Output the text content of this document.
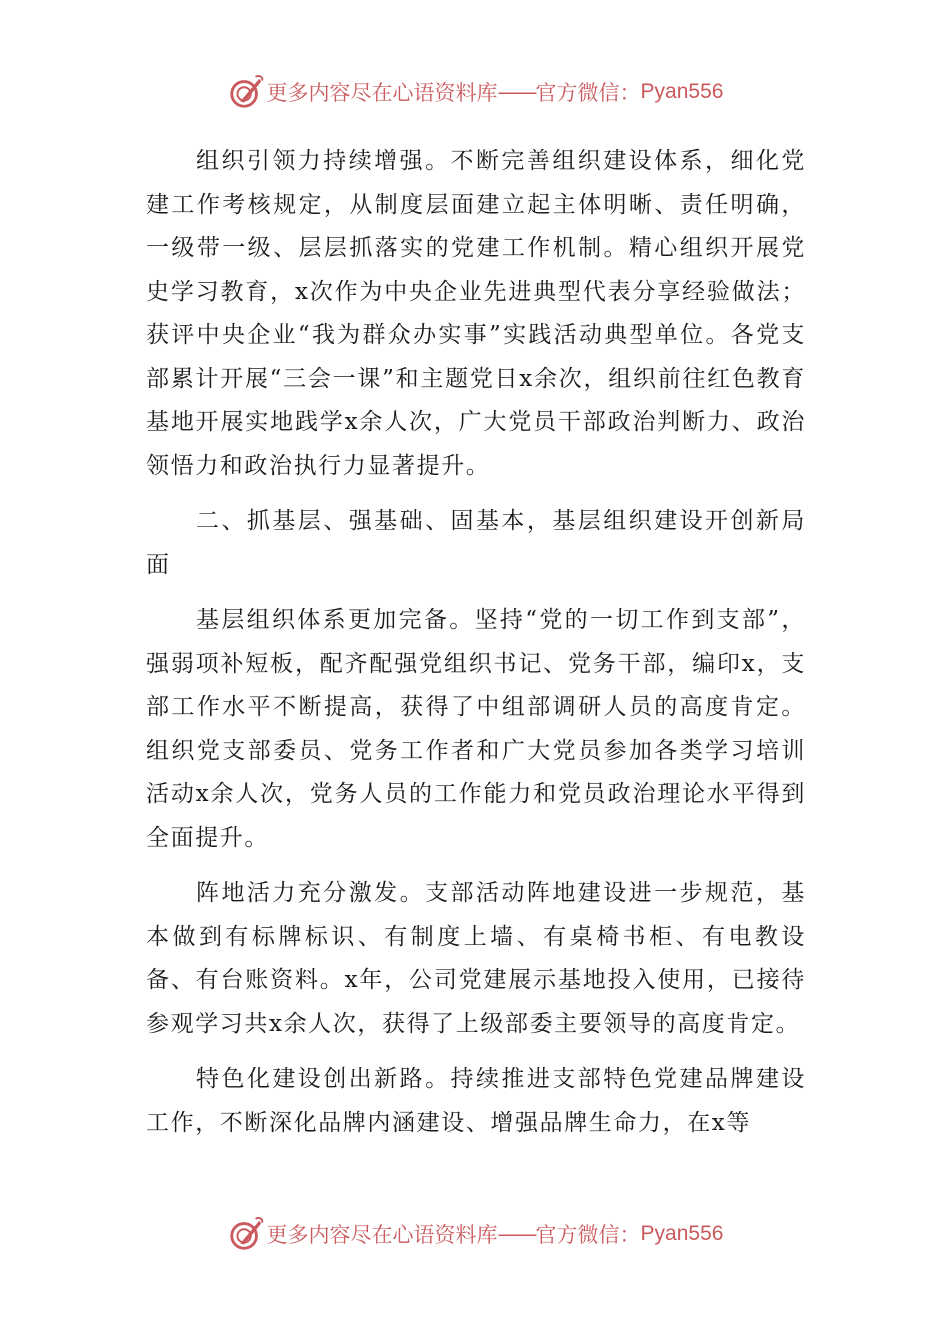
更多内容尽在心语资料库 —— 官方微信： Pyan556

组织引领力持续增强。不断完善组织建设体系，细化党建工作考核规定，从制度层面建立起主体明晰、责任明确，一级带一级、层层抓落实的党建工作机制。精心组织开展党史学习教育，x次作为中央企业先进典型代表分享经验做法；获评中央企业“我为群众办实事”实践活动典型单位。各党支部累计开展“三会一课”和主题党日x余次，组织前往红色教育基地开展实地践学x余人次，广大党员干部政治判断力、政治领悟力和政治执行力显著提升。

二、抓基层、强基础、固基本，基层组织建设开创新局面

基层组织体系更加完备。坚持“党的一切工作到支部”，强弱项补短板，配齐配强党组织书记、党务干部，编印x，支部工作水平不断提高，获得了中组部调研人员的高度肯定。组织党支部委员、党务工作者和广大党员参加各类学习培训活动x余人次，党务人员的工作能力和党员政治理论水平得到全面提升。

阵地活力充分激发。支部活动阵地建设进一步规范，基本做到有标牌标识、有制度上墙、有桌椅书柜、有电教设备、有台账资料。x年，公司党建展示基地投入使用，已接待参观学习共x余人次，获得了上级部委主要领导的高度肯定。

特色化建设创出新路。持续推进支部特色党建品牌建设工作，不断深化品牌内涵建设、增强品牌生命力，在x等

更多内容尽在心语资料库 —— 官方微信： Pyan556
